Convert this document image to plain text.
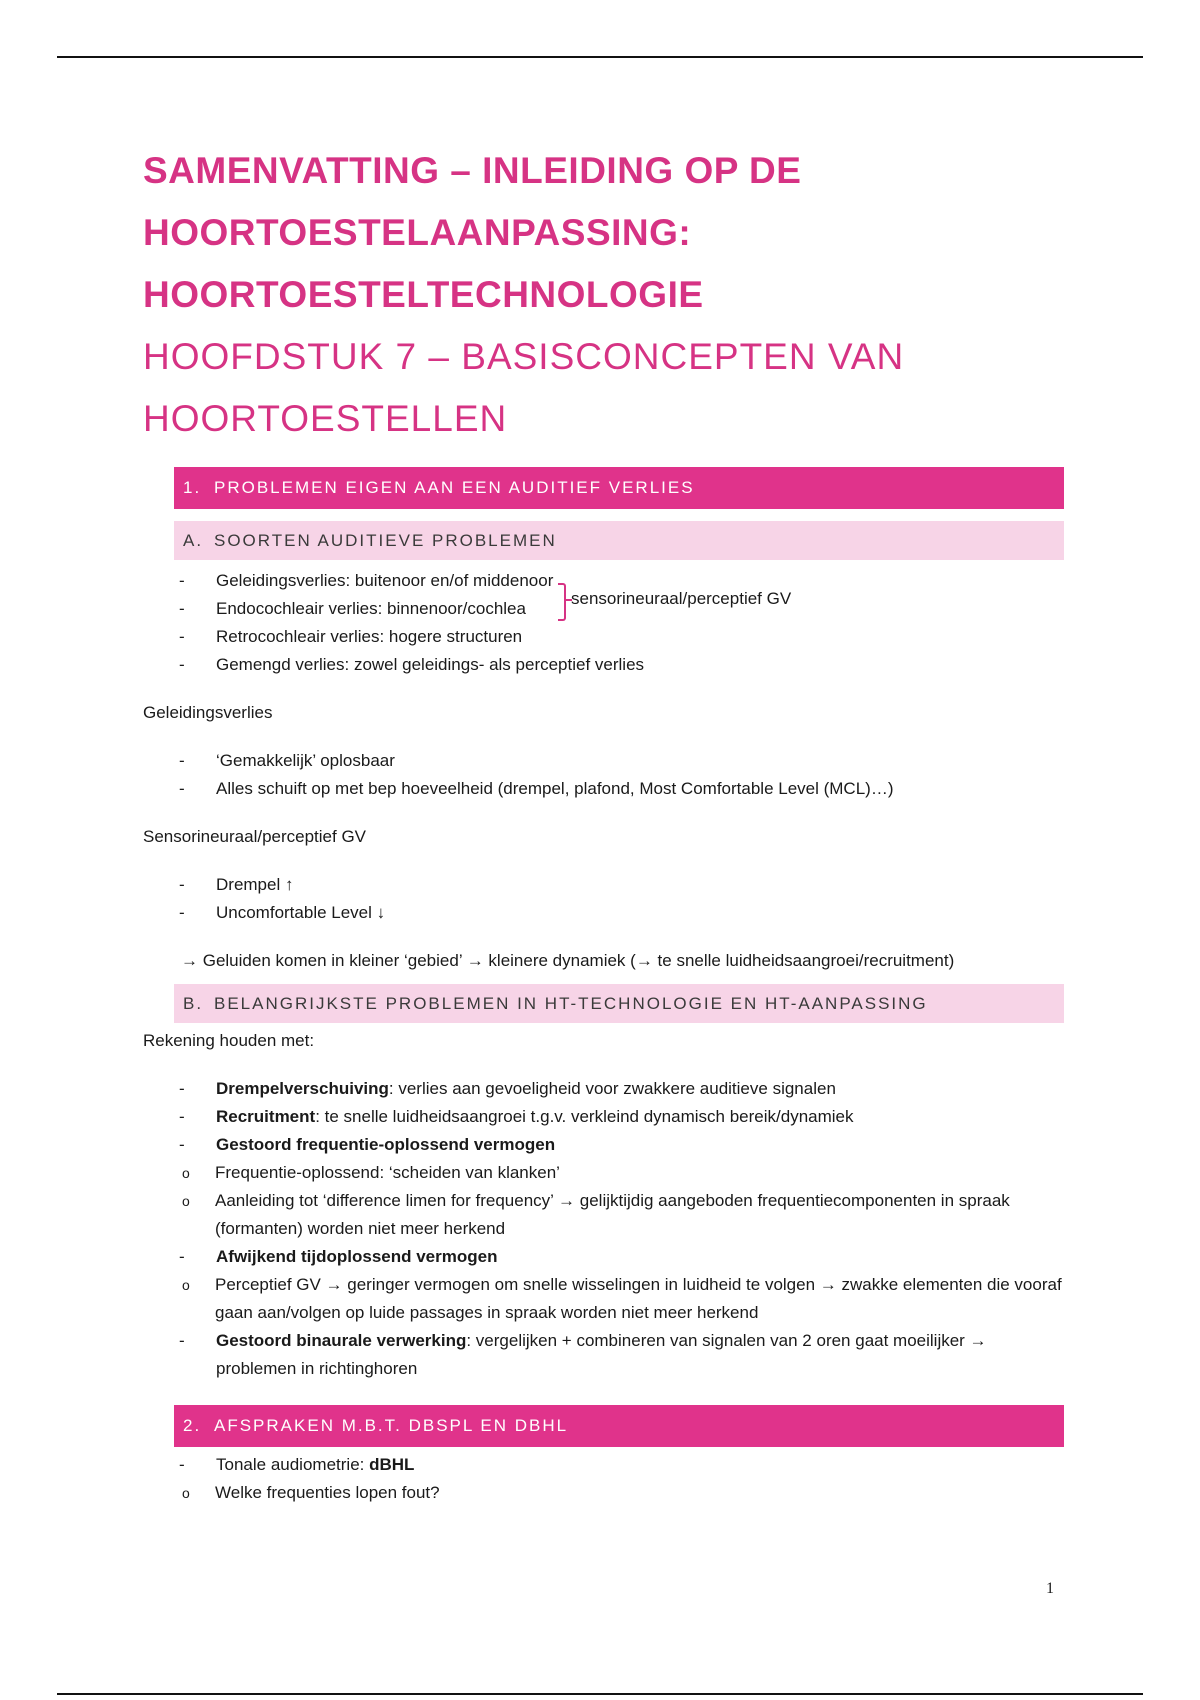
SAMENVATTING – INLEIDING OP DE
HOORTOESTELAANPASSING:
HOORTOESTELTECHNOLOGIE
HOOFDSTUK 7 – BASISCONCEPTEN VAN
HOORTOESTELLEN
1. PROBLEMEN EIGEN AAN EEN AUDITIEF VERLIES
A. SOORTEN AUDITIEVE PROBLEMEN
- Geleidingsverlies: buitenoor en/of middenoor
- Endocochleair verlies: binnenoor/cochlea
- Retrocochleair verlies: hogere structuren
- Gemengd verlies: zowel geleidings- als perceptief verlies
sensorineuraal/perceptief GV

Geleidingsverlies

- ‘Gemakkelijk’ oplosbaar
- Alles schuift op met bep hoeveelheid (drempel, plafond, Most Comfortable Level (MCL)…)

Sensorineuraal/perceptief GV

- Drempel ↑
- Uncomfortable Level ↓

→ Geluiden komen in kleiner ‘gebied’ → kleinere dynamiek (→ te snelle luidheidsaangroei/recruitment)

B. BELANGRIJKSTE PROBLEMEN IN HT-TECHNOLOGIE EN HT-AANPASSING

Rekening houden met:

- Drempelverschuiving: verlies aan gevoeligheid voor zwakkere auditieve signalen
- Recruitment: te snelle luidheidsaangroei t.g.v. verkleind dynamisch bereik/dynamiek
- Gestoord frequentie-oplossend vermogen
o Frequentie-oplossend: ‘scheiden van klanken’
o Aanleiding tot ‘difference limen for frequency’ → gelijktijdig aangeboden frequentiecomponenten in spraak (formanten) worden niet meer herkend
- Afwijkend tijdoplossend vermogen
o Perceptief GV → geringer vermogen om snelle wisselingen in luidheid te volgen → zwakke elementen die vooraf gaan aan/volgen op luide passages in spraak worden niet meer herkend
- Gestoord binaurale verwerking: vergelijken + combineren van signalen van 2 oren gaat moeilijker → problemen in richtinghoren
2. AFSPRAKEN M.B.T. DBSPL EN DBHL
- Tonale audiometrie: dBHL
o Welke frequenties lopen fout?
1
